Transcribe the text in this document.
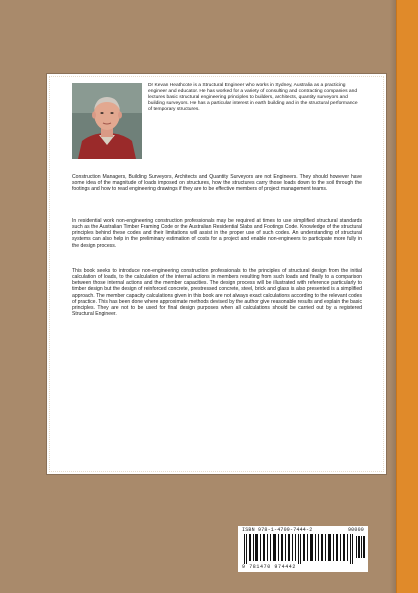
Dr Kevan Heathcote is a Structural Engineer who works in Sydney, Australia as a practicing engineer and educator. He has worked for a variety of consulting and contracting companies and lectures basic structural engineering principles to builders, architects, quantity surveyors and building surveyors. He has a particular interest in earth building and in the structural performance of temporary structures.
Construction Managers, Building Surveyors, Architects and Quantity Surveyors are not Engineers. They should however have some idea of the magnitude of loads imposed on structures, how the structures carry those loads down to the soil through the footings and how to read engineering drawings if they are to be effective members of project management teams.
In residential work non-engineering construction professionals may be required at times to use simplified structural standards such as the Australian Timber Framing Code or the Australian Residential Slabs and Footings Code. Knowledge of the structural principles behind these codes and their limitations will assist in the proper use of such codes. An understanding of structural systems can also help in the preliminary estimation of costs for a project and enable non-engineers to participate more fully in the design process.
This book seeks to introduce non-engineering construction professionals to the principles of structural design from the initial calculation of loads, to the calculation of the internal actions in members resulting from such loads and finally to a comparison between those internal actions and the member capacities. The design process will be illustrated with reference particularly to timber design but the design of reinforced concrete, prestressed concrete, steel, brick and glass is also presented is a simplified approach. The member capacity calculations given in this book are not always exact calculations according to the relevant codes of practice. This has been done where approximate methods devised by the author give reasonable results and explain the basic principles. They are not to be used for final design purposes when all calculations should be carried out by a registered Structural Engineer.
ISBN 978-1-4709-7444-2	90000
9 781470 974442
